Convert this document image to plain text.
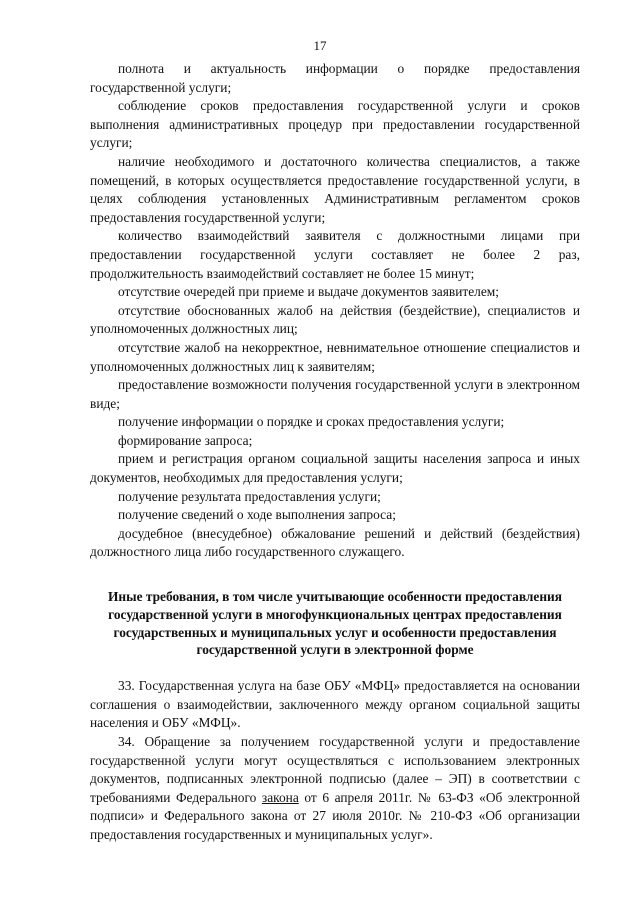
17

полнота и актуальность информации о порядке предоставления государственной услуги;

соблюдение сроков предоставления государственной услуги и сроков выполнения административных процедур при предоставлении государственной услуги;

наличие необходимого и достаточного количества специалистов, а также помещений, в которых осуществляется предоставление государственной услуги, в целях соблюдения установленных Административным регламентом сроков предоставления государственной услуги;

количество взаимодействий заявителя с должностными лицами при предоставлении государственной услуги составляет не более 2 раз, продолжительность взаимодействий составляет не более 15 минут;

отсутствие очередей при приеме и выдаче документов заявителем;

отсутствие обоснованных жалоб на действия (бездействие), специалистов и уполномоченных должностных лиц;

отсутствие жалоб на некорректное, невнимательное отношение специалистов и уполномоченных должностных лиц к заявителям;

предоставление возможности получения государственной услуги в электронном виде;

получение информации о порядке и сроках предоставления услуги;

формирование запроса;

прием и регистрация органом социальной защиты населения запроса и иных документов, необходимых для предоставления услуги;

получение результата предоставления услуги;

получение сведений о ходе выполнения запроса;

досудебное (внесудебное) обжалование решений и действий (бездействия) должностного лица либо государственного служащего.

Иные требования, в том числе учитывающие особенности предоставления государственной услуги в многофункциональных центрах предоставления государственных и муниципальных услуг и особенности предоставления государственной услуги в электронной форме

33. Государственная услуга на базе ОБУ «МФЦ» предоставляется на основании соглашения о взаимодействии, заключенного между органом социальной защиты населения и ОБУ «МФЦ».

34. Обращение за получением государственной услуги и предоставление государственной услуги могут осуществляться с использованием электронных документов, подписанных электронной подписью (далее – ЭП) в соответствии с требованиями Федерального закона от 6 апреля 2011г. № 63-ФЗ «Об электронной подписи» и Федерального закона от 27 июля 2010г. № 210-ФЗ «Об организации предоставления государственных и муниципальных услуг».
